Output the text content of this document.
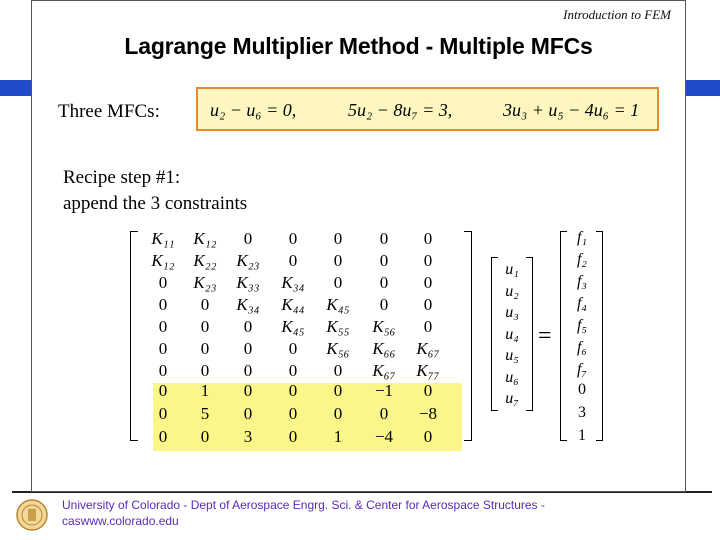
Introduction to FEM
Lagrange Multiplier Method - Multiple MFCs
Three MFCs:	u₂ − u₆ = 0,	5u₂ − 8u₇ = 3,	3u₃ + u₅ − 4u₆ = 1
Recipe step #1:
append the 3 constraints
K₁₁	K₁₂	0	0	0	0	0
K₁₂	K₂₂	K₂₃	0	0	0	0
0	K₂₃	K₃₃	K₃₄	0	0	0
0	0	K₃₄	K₄₄	K₄₅	0	0
0	0	0	K₄₅	K₅₅	K₅₆	0
0	0	0	0	K₅₆	K₆₆	K₆₇
0	0	0	0	0	K₆₇	K₇₇
0	1	0	0	0	−1	0
0	5	0	0	0	0	−8
0	0	3	0	1	−4	0
u₁
u₂
u₃
u₄
u₅
u₆
u₇
=
f₁
f₂
f₃
f₄
f₅
f₆
f₇
0
3
1
University of Colorado - Dept of Aerospace Engrg. Sci. & Center for Aerospace Structures -
caswww.colorado.edu
